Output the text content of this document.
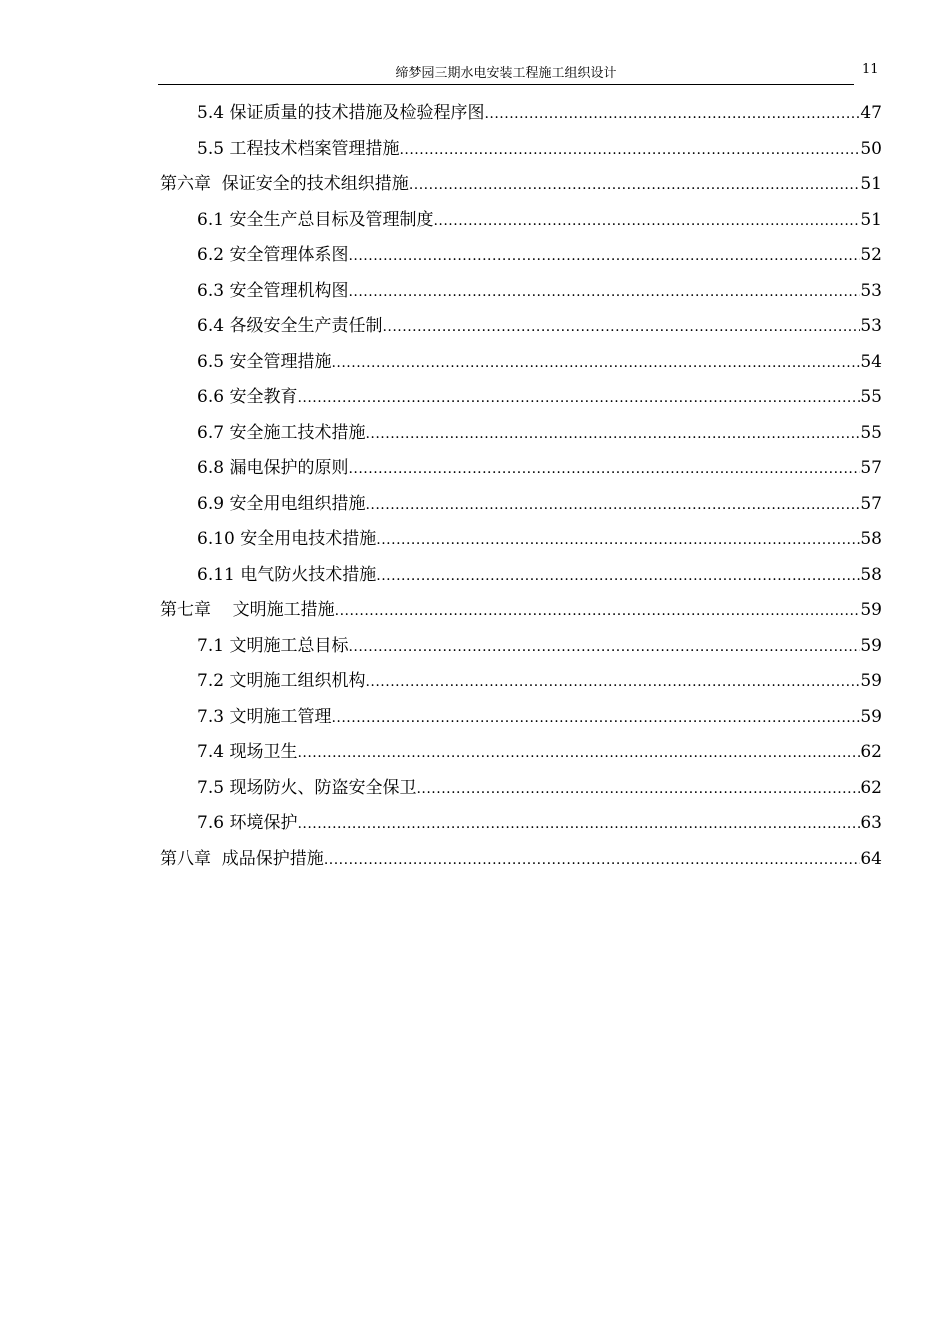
缔梦园三期水电安装工程施工组织设计	11
5.4 保证质量的技术措施及检验程序图 .....	47
5.5 工程技术档案管理措施 .....	50
第六章  保证安全的技术组织措施 .....	51
6.1 安全生产总目标及管理制度 .....	51
6.2 安全管理体系图 .....	52
6.3 安全管理机构图 .....	53
6.4 各级安全生产责任制 .....	53
6.5 安全管理措施 .....	54
6.6 安全教育 .....	55
6.7 安全施工技术措施 .....	55
6.8 漏电保护的原则 .....	57
6.9 安全用电组织措施 .....	57
6.10 安全用电技术措施 .....	58
6.11 电气防火技术措施 .....	58
第七章    文明施工措施 .....	59
7.1 文明施工总目标 .....	59
7.2 文明施工组织机构 .....	59
7.3 文明施工管理 .....	59
7.4 现场卫生 .....	62
7.5 现场防火、防盗安全保卫 .....	62
7.6 环境保护 .....	63
第八章  成品保护措施 .....	64
